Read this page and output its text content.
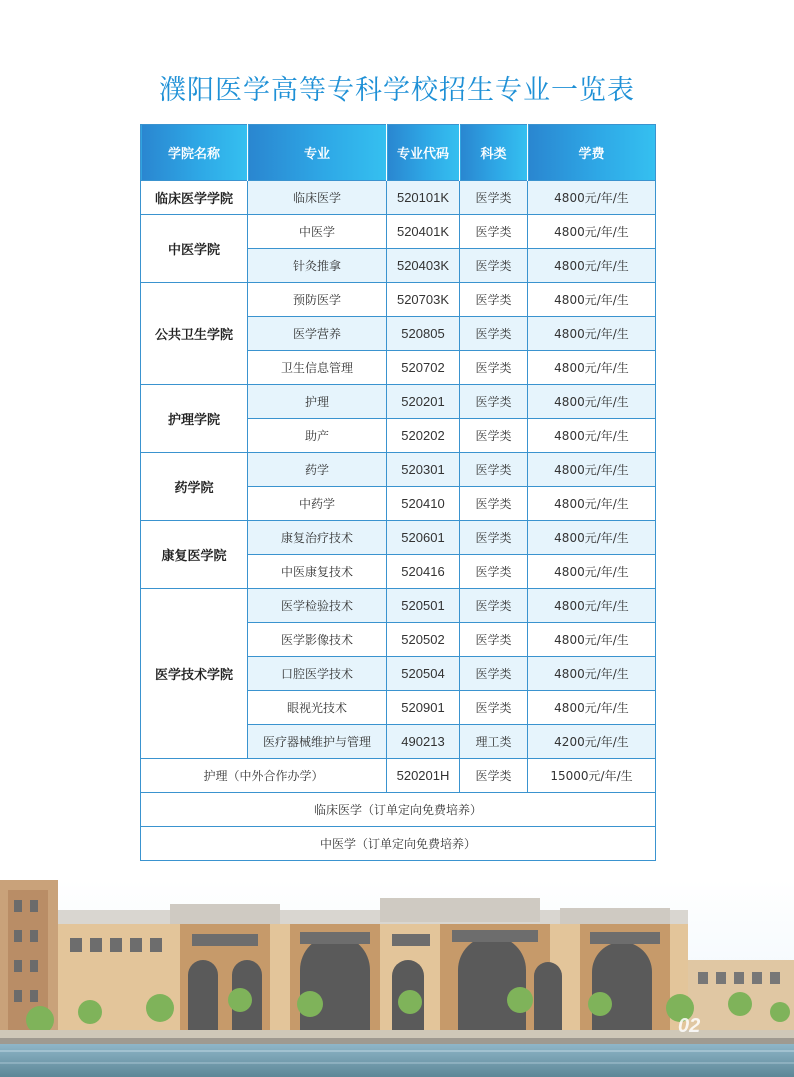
濮阳医学高等专科学校招生专业一览表
学院名称	专业	专业代码	科类	学费
临床医学学院	临床医学	520101K	医学类	4800元/年/生
中医学院	中医学	520401K	医学类	4800元/年/生
	针灸推拿	520403K	医学类	4800元/年/生
公共卫生学院	预防医学	520703K	医学类	4800元/年/生
	医学营养	520805	医学类	4800元/年/生
	卫生信息管理	520702	医学类	4800元/年/生
护理学院	护理	520201	医学类	4800元/年/生
	助产	520202	医学类	4800元/年/生
药学院	药学	520301	医学类	4800元/年/生
	中药学	520410	医学类	4800元/年/生
康复医学院	康复治疗技术	520601	医学类	4800元/年/生
	中医康复技术	520416	医学类	4800元/年/生
医学技术学院	医学检验技术	520501	医学类	4800元/年/生
	医学影像技术	520502	医学类	4800元/年/生
	口腔医学技术	520504	医学类	4800元/年/生
	眼视光技术	520901	医学类	4800元/年/生
	医疗器械维护与管理	490213	理工类	4200元/年/生
护理（中外合作办学）		520201H	医学类	15000元/年/生
临床医学（订单定向免费培养）				
中医学（订单定向免费培养）				
02
